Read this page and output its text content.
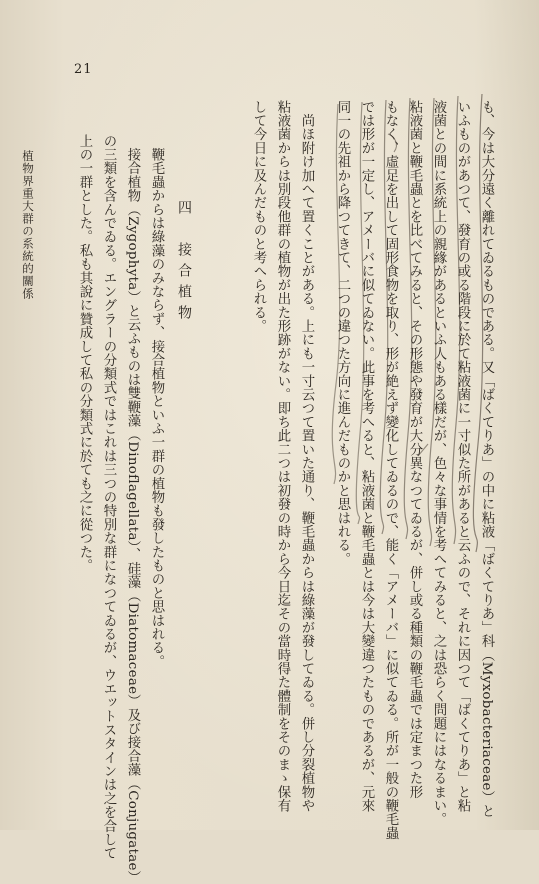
21
植物界重大群の系統的關係	四　接合植物	も、今は大分遠く離れてゐるものである。又「ばくてりあ」の中に粘液「ばくてりあ」科（Myxobacteriaceae）と
いふものがあつて、發育の或る階段に於て粘液菌に一寸似た所があると云ふので、それに因つて「ばくてりあ」と粘
液菌との間に系統上の親緣があるといふ人もある樣だが、色々な事情を考へてみると、之は恐らく問題にはなるまい。
粘液菌と鞭毛蟲とを比べてみると、その形態や發育が大分異なつてゐるが、併し或る種類の鞭毛蟲では定まつた形
もなく、虛足を出して固形食物を取り、形が絶えず變化してゐるので、能く「アメーバ」に似てゐる。所が一般の鞭毛蟲
では形が一定し、アメーバに似てゐない。此事を考へると、粘液菌と鞭毛蟲とは今は大變違つたものであるが、元來
同一の先祖から降つてきて、二つの違つた方向に進んだものかと思はれる。
　尚ほ附け加へて置くことがある。上にも一寸云つて置いた通り、鞭毛蟲からは綠藻が發してゐる。併し分裂植物や
粘液菌からは別段他群の植物が出た形跡がない。即ち此二つは初發の時から今日迄その當時得た體制をそのまゝ保有
して今日に及んだものと考へられる。
　鞭毛蟲からは綠藻のみならず、接合植物といふ一群の植物も發したものと思はれる。
　接合植物（Zygophyta）と云ふものは雙鞭藻（Dinoflagellata）、硅藻（Diatomaceae）及び接合藻（Conjugatae）
の三類を含んでゐる。エングラーの分類式ではこれは三つの特別な群になつてゐるが、ウエットスタインは之を合して
上の一群とした。私も其說に贊成して私の分類式に於ても之に從つた。
